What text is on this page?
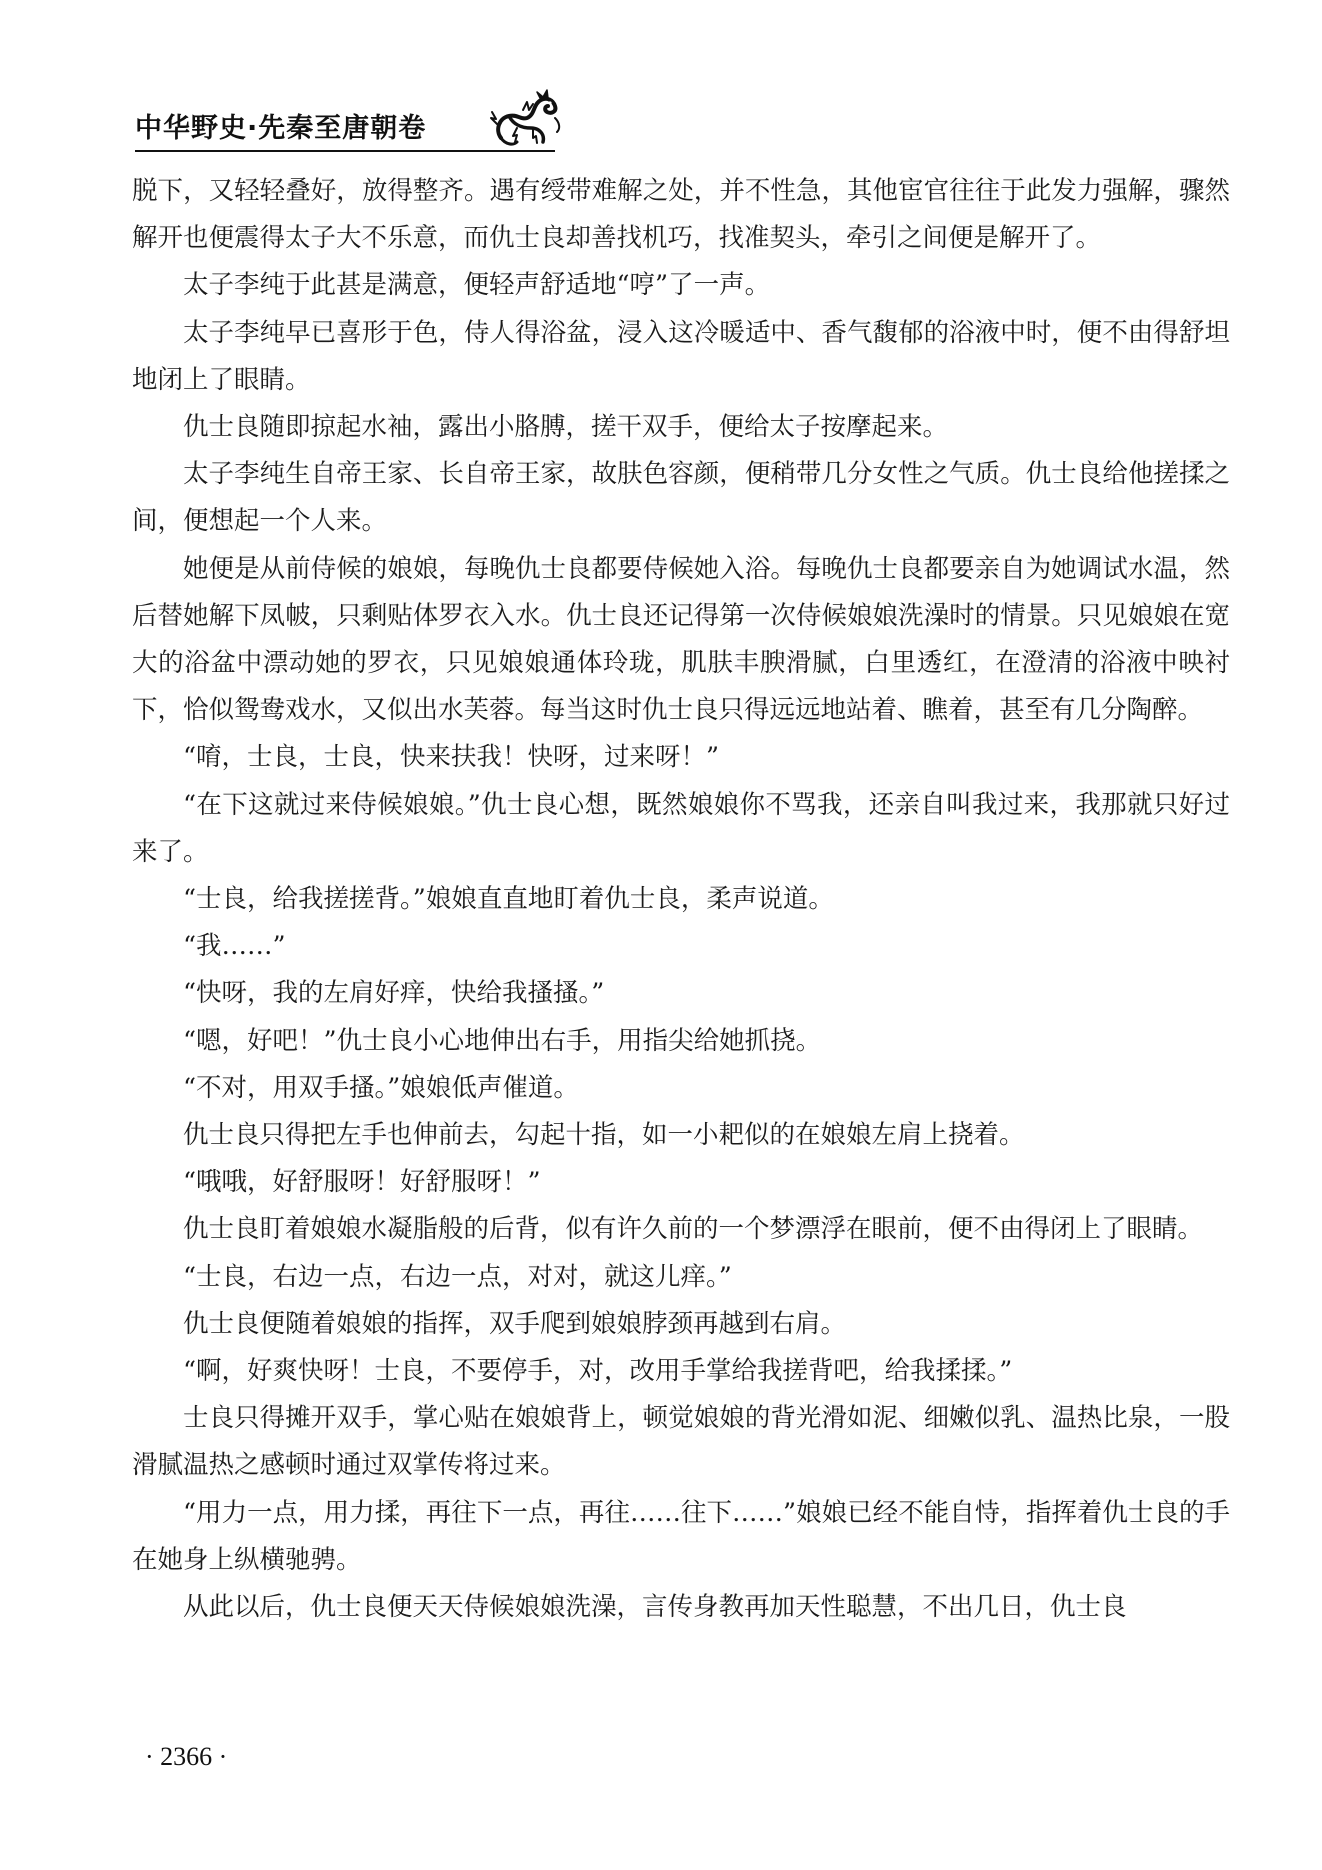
中华野史·先秦至唐朝卷

脱下，又轻轻叠好，放得整齐。遇有绶带难解之处，并不性急，其他宦官往往于此发力强解，骤然解开也便震得太子大不乐意，而仇士良却善找机巧，找准契头，牵引之间便是解开了。

太子李纯于此甚是满意，便轻声舒适地“哼”了一声。

太子李纯早已喜形于色，侍人得浴盆，浸入这冷暖适中、香气馥郁的浴液中时，便不由得舒坦地闭上了眼睛。

仇士良随即掠起水袖，露出小胳膊，搓干双手，便给太子按摩起来。

太子李纯生自帝王家、长自帝王家，故肤色容颜，便稍带几分女性之气质。仇士良给他搓揉之间，便想起一个人来。

她便是从前侍候的娘娘，每晚仇士良都要侍候她入浴。每晚仇士良都要亲自为她调试水温，然后替她解下凤帔，只剩贴体罗衣入水。仇士良还记得第一次侍候娘娘洗澡时的情景。只见娘娘在宽大的浴盆中漂动她的罗衣，只见娘娘通体玲珑，肌肤丰腴滑腻，白里透红，在澄清的浴液中映衬下，恰似鸳鸯戏水，又似出水芙蓉。每当这时仇士良只得远远地站着、瞧着，甚至有几分陶醉。

“唷，士良，士良，快来扶我！快呀，过来呀！”

“在下这就过来侍候娘娘。”仇士良心想，既然娘娘你不骂我，还亲自叫我过来，我那就只好过来了。

“士良，给我搓搓背。”娘娘直直地盯着仇士良，柔声说道。

“我……”

“快呀，我的左肩好痒，快给我搔搔。”

“嗯，好吧！”仇士良小心地伸出右手，用指尖给她抓挠。

“不对，用双手搔。”娘娘低声催道。

仇士良只得把左手也伸前去，勾起十指，如一小耙似的在娘娘左肩上挠着。

“哦哦，好舒服呀！好舒服呀！”

仇士良盯着娘娘水凝脂般的后背，似有许久前的一个梦漂浮在眼前，便不由得闭上了眼睛。

“士良，右边一点，右边一点，对对，就这儿痒。”

仇士良便随着娘娘的指挥，双手爬到娘娘脖颈再越到右肩。

“啊，好爽快呀！士良，不要停手，对，改用手掌给我搓背吧，给我揉揉。”

士良只得摊开双手，掌心贴在娘娘背上，顿觉娘娘的背光滑如泥、细嫩似乳、温热比泉，一股滑腻温热之感顿时通过双掌传将过来。

“用力一点，用力揉，再往下一点，再往……往下……”娘娘已经不能自恃，指挥着仇士良的手在她身上纵横驰骋。

从此以后，仇士良便天天侍候娘娘洗澡，言传身教再加天性聪慧，不出几日，仇士良

· 2366 ·
